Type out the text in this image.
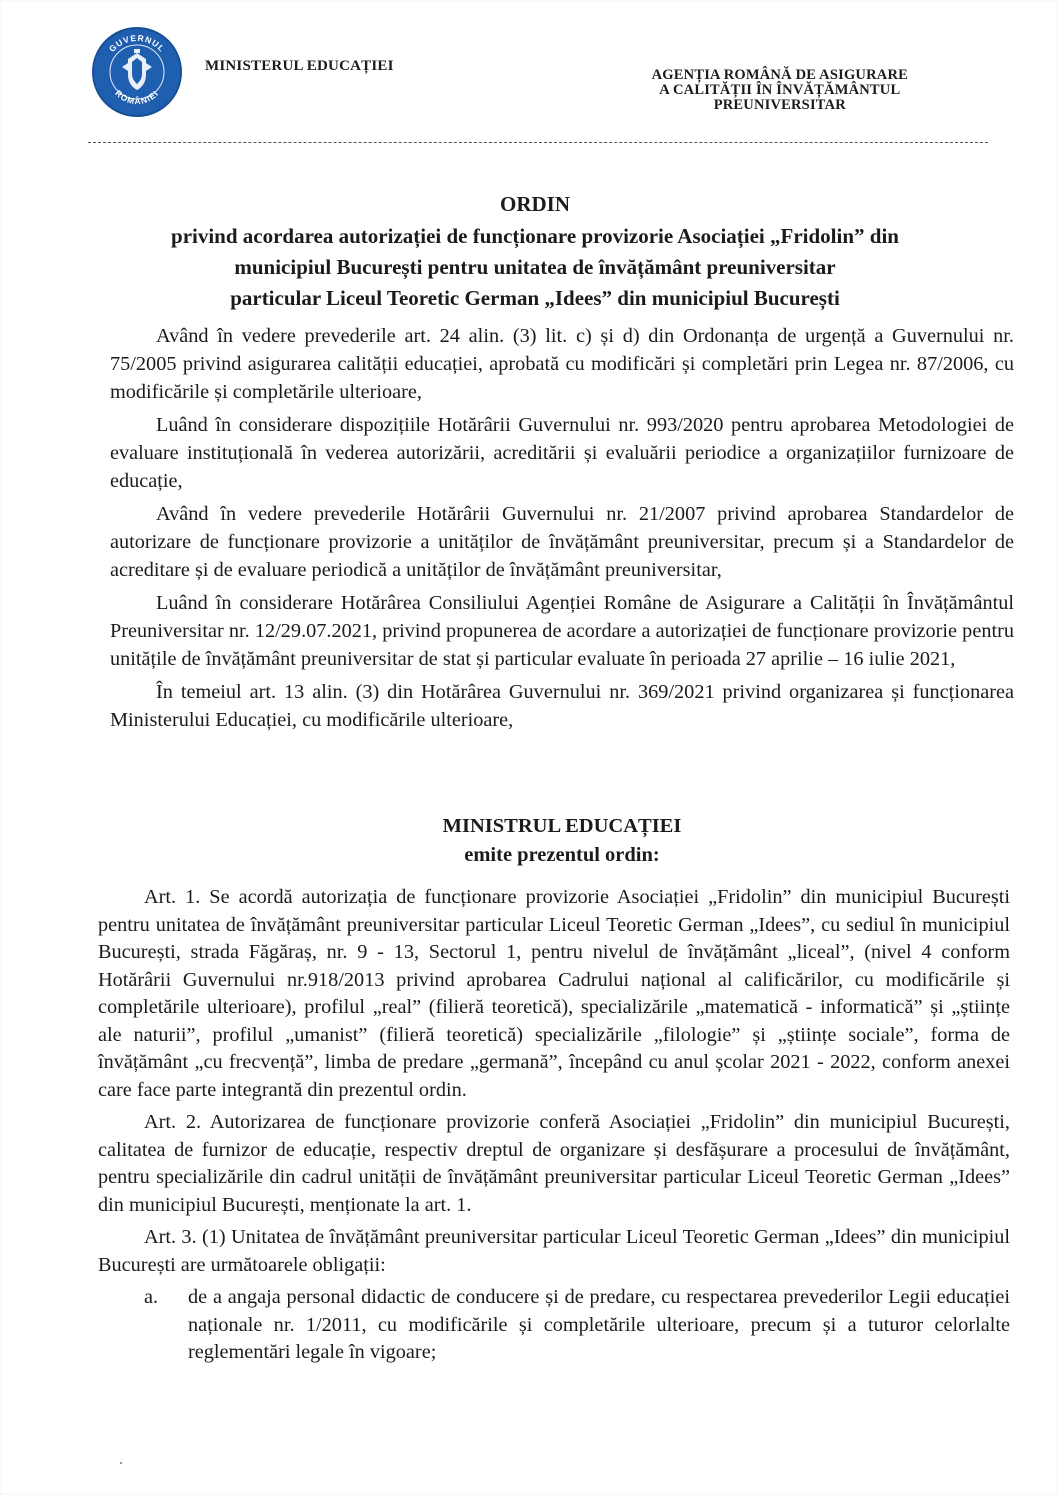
GUVERNUL
ROMÂNIEI
MINISTERUL EDUCAȚIEI
AGENȚIA ROMÂNĂ DE ASIGURARE
A CALITĂȚII ÎN ÎNVĂȚĂMÂNTUL
PREUNIVERSITAR
ORDIN
privind acordarea autorizației de funcționare provizorie Asociației „Fridolin” din
municipiul București pentru unitatea de învățământ preuniversitar
particular Liceul Teoretic German „Idees” din municipiul București

Având în vedere prevederile art. 24 alin. (3) lit. c) și d) din Ordonanța de urgență a Guvernului nr. 75/2005 privind asigurarea calității educației, aprobată cu modificări și completări prin Legea nr. 87/2006, cu modificările și completările ulterioare,

Luând în considerare dispozițiile Hotărârii Guvernului nr. 993/2020 pentru aprobarea Metodologiei de evaluare instituțională în vederea autorizării, acreditării și evaluării periodice a organizațiilor furnizoare de educație,

Având în vedere prevederile Hotărârii Guvernului nr. 21/2007 privind aprobarea Standardelor de autorizare de funcționare provizorie a unităților de învățământ preuniversitar, precum și a Standardelor de acreditare și de evaluare periodică a unităților de învățământ preuniversitar,

Luând în considerare Hotărârea Consiliului Agenției Române de Asigurare a Calității în Învățământul Preuniversitar nr. 12/29.07.2021, privind propunerea de acordare a autorizației de funcționare provizorie pentru unitățile de învățământ preuniversitar de stat și particular evaluate în perioada 27 aprilie – 16 iulie 2021,

În temeiul art. 13 alin. (3) din Hotărârea Guvernului nr. 369/2021 privind organizarea și funcționarea Ministerului Educației, cu modificările ulterioare,

MINISTRUL EDUCAȚIEI
emite prezentul ordin:

Art. 1. Se acordă autorizația de funcționare provizorie Asociației „Fridolin” din municipiul București pentru unitatea de învățământ preuniversitar particular Liceul Teoretic German „Idees”, cu sediul în municipiul București, strada Făgăraș, nr. 9 - 13, Sectorul 1, pentru nivelul de învățământ „liceal”, (nivel 4 conform Hotărârii Guvernului nr.918/2013 privind aprobarea Cadrului național al calificărilor, cu modificările și completările ulterioare), profilul „real” (filieră teoretică), specializările „matematică - informatică” și „științe ale naturii”, profilul „umanist” (filieră teoretică) specializările „filologie” și „științe sociale”, forma de învățământ „cu frecvență”, limba de predare „germană”, începând cu anul școlar 2021 - 2022, conform anexei care face parte integrantă din prezentul ordin.

Art. 2. Autorizarea de funcționare provizorie conferă Asociației „Fridolin” din municipiul București, calitatea de furnizor de educație, respectiv dreptul de organizare și desfășurare a procesului de învățământ, pentru specializările din cadrul unității de învățământ preuniversitar particular Liceul Teoretic German „Idees” din municipiul București, menționate la art. 1.

Art. 3. (1) Unitatea de învățământ preuniversitar particular Liceul Teoretic German „Idees” din municipiul București are următoarele obligații:

a.	de a angaja personal didactic de conducere și de predare, cu respectarea prevederilor Legii educației naționale nr. 1/2011, cu modificările și completările ulterioare, precum și a tuturor celorlalte reglementări legale în vigoare;
